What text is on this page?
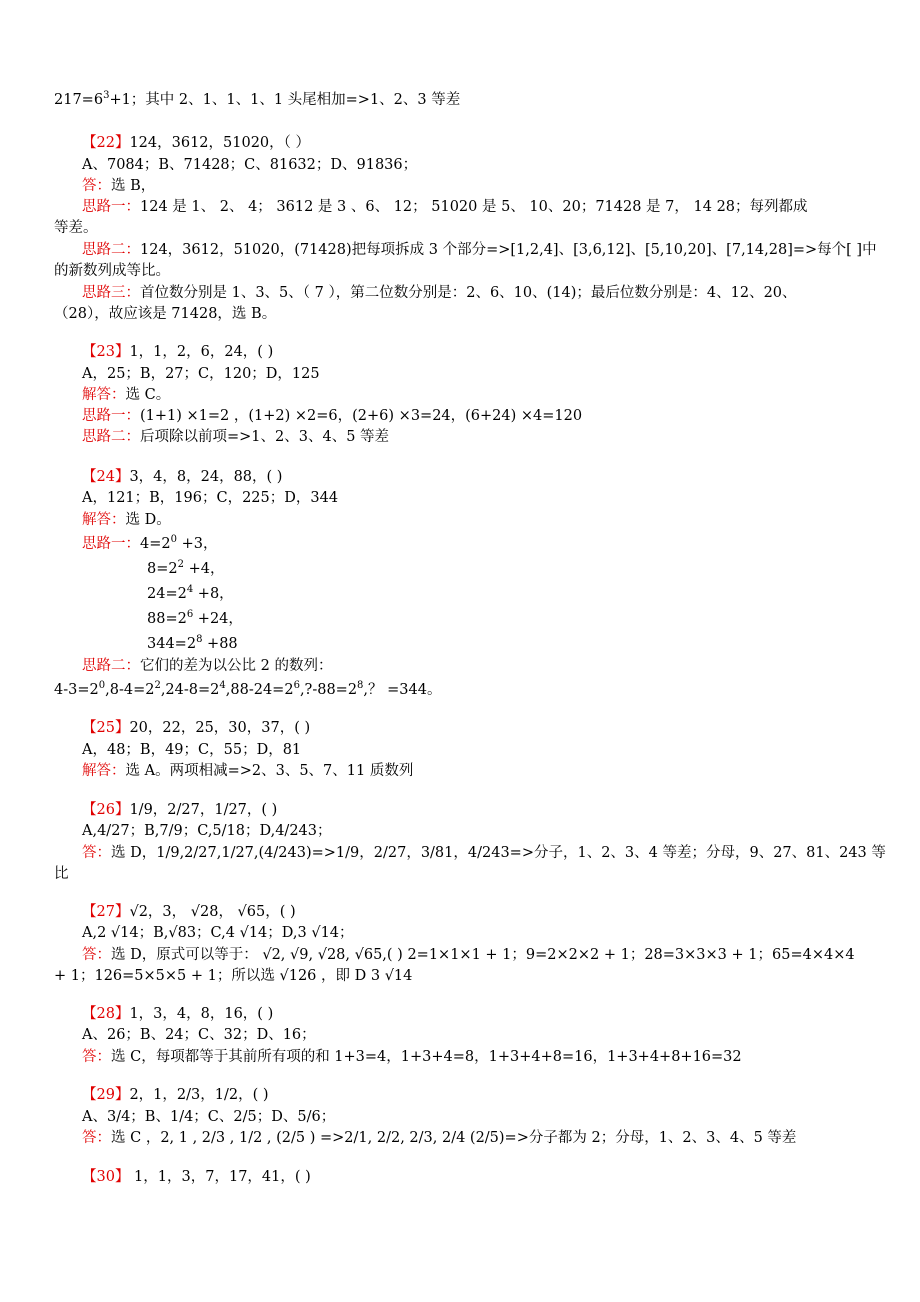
$217=6^3+1$；其中 2、1、1、1、1 头尾相加=>1、2、3 等差
【22】124，3612，51020，（ ）
A、7084；B、71428；C、81632；D、91836；
答：选 B，
思路一：124 是 1、 2、 4； 3612 是 3 、6、 12； 51020 是 5、 10、20；71428 是 7， 14 28；每列都成
等差。
思路二：124，3612，51020，(71428)把每项拆成 3 个部分=>[1,2,4]、[3,6,12]、[5,10,20]、[7,14,28]=>每个[ ]中
的新数列成等比。
思路三：首位数分别是 1、3、5、（ 7 ），第二位数分别是：2、6、10、(14)；最后位数分别是：4、12、20、
（28），故应该是 71428，选 B。
【23】1，1，2，6，24，( )
A，25；B，27；C，120；D，125
解答：选 C。
思路一：(1+1) ×1=2 ，(1+2) ×2=6，(2+6) ×3=24，(6+24) ×4=120
思路二：后项除以前项=>1、2、3、4、5 等差
【24】3，4，8，24，88，( )
A，121；B，196；C，225；D，344
解答：选 D。
思路一：$4=2^0 +3$，
$8=2^2 +4$，
$24=2^4 +8$，
$88=2^6 +24$，
$344=2^8 +88$
思路二：它们的差为以公比 2 的数列：
$4-3=2^0,8-4=2^2,24-8=2^4,88-24=2^6,?-88=2^8$,？ =344。
【25】20，22，25，30，37，( )
A，48；B，49；C，55；D，81
解答：选 A。两项相减=>2、3、5、7、11 质数列
【26】1/9，2/27，1/27，( )
A,4/27；B,7/9；C,5/18；D,4/243；
答：选 D，1/9,2/27,1/27,(4/243)=>1/9，2/27，3/81，4/243=>分子，1、2、3、4 等差；分母，9、27、81、243 等
比
【27】√2，3， √28， √65，( )
A,2 √14；B,√83；C,4 √14；D,3 √14；
答：选 D，原式可以等于： √2, √9, √28, √65,( ) 2=1×1×1 + 1；9=2×2×2 + 1；28=3×3×3 + 1；65=4×4×4
+ 1；126=5×5×5 + 1；所以选 √126 ，即 D 3 √14
【28】1，3，4，8，16，( )
A、26；B、24；C、32；D、16；
答：选 C，每项都等于其前所有项的和 1+3=4，1+3+4=8，1+3+4+8=16，1+3+4+8+16=32
【29】2，1，2/3，1/2，( )
A、3/4；B、1/4；C、2/5；D、5/6；
答：选 C ，2, 1 , 2/3 , 1/2 , (2/5 ) =>2/1, 2/2, 2/3, 2/4 (2/5)=>分子都为 2；分母，1、2、3、4、5 等差
【30】 1，1，3，7，17，41，( )
